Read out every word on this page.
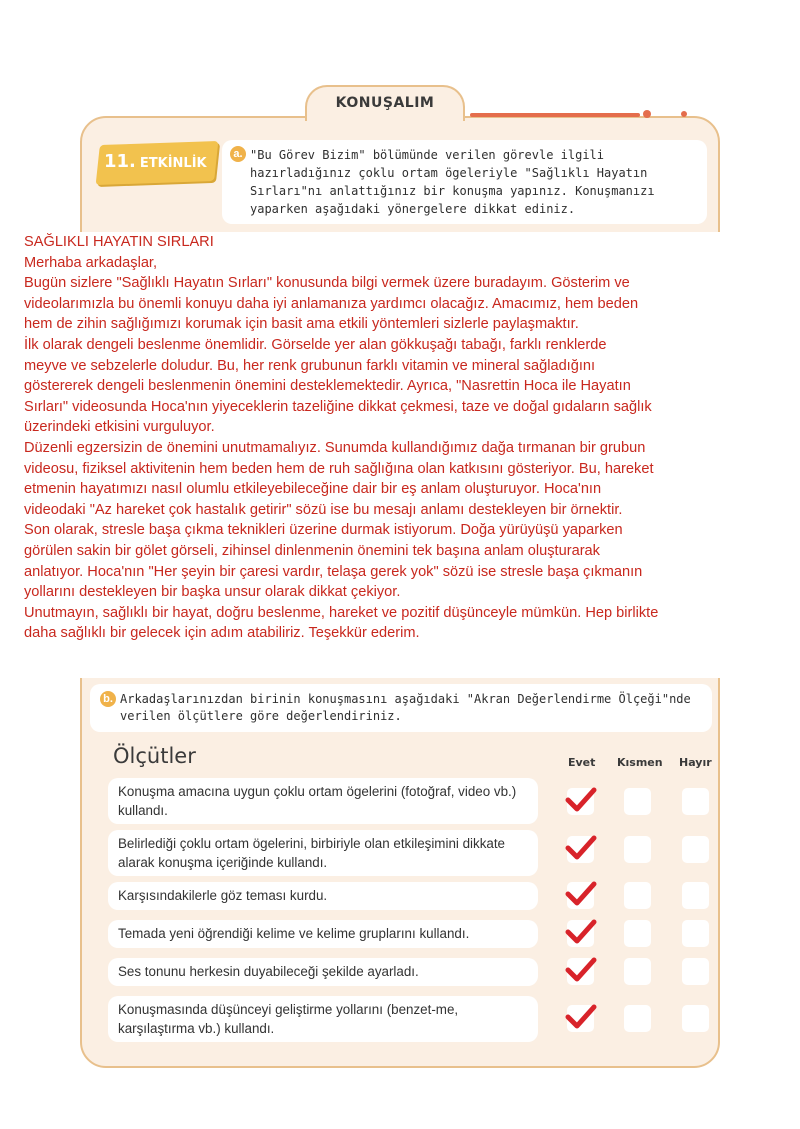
KONUŞALIM
11. ETKİNLİK
a. "Bu Görev Bizim" bölümünde verilen görevle ilgili hazırladığınız çoklu ortam ögeleriyle "Sağlıklı Hayatın Sırları"nı anlattığınız bir konuşma yapınız. Konuşmanızı yaparken aşağıdaki yönergelere dikkat ediniz.

SAĞLIKLI HAYATIN SIRLARI

Merhaba arkadaşlar,

Bugün sizlere "Sağlıklı Hayatın Sırları" konusunda bilgi vermek üzere buradayım. Gösterim ve

videolarımızla bu önemli konuyu daha iyi anlamanıza yardımcı olacağız. Amacımız, hem beden

hem de zihin sağlığımızı korumak için basit ama etkili yöntemleri sizlerle paylaşmaktır.

İlk olarak dengeli beslenme önemlidir. Görselde yer alan gökkuşağı tabağı, farklı renklerde

meyve ve sebzelerle doludur. Bu, her renk grubunun farklı vitamin ve mineral sağladığını

göstererek dengeli beslenmenin önemini desteklemektedir. Ayrıca, "Nasrettin Hoca ile Hayatın

Sırları" videosunda Hoca'nın yiyeceklerin tazeliğine dikkat çekmesi, taze ve doğal gıdaların sağlık

üzerindeki etkisini vurguluyor.

Düzenli egzersizin de önemini unutmamalıyız. Sunumda kullandığımız dağa tırmanan bir grubun

videosu, fiziksel aktivitenin hem beden hem de ruh sağlığına olan katkısını gösteriyor. Bu, hareket

etmenin hayatımızı nasıl olumlu etkileyebileceğine dair bir eş anlam oluşturuyor. Hoca'nın

videodaki "Az hareket çok hastalık getirir" sözü ise bu mesajı anlamı destekleyen bir örnektir.

Son olarak, stresle başa çıkma teknikleri üzerine durmak istiyorum. Doğa yürüyüşü yaparken

görülen sakin bir gölet görseli, zihinsel dinlenmenin önemini tek başına anlam oluşturarak

anlatıyor. Hoca'nın "Her şeyin bir çaresi vardır, telaşa gerek yok" sözü ise stresle başa çıkmanın

yollarını destekleyen bir başka unsur olarak dikkat çekiyor.

Unutmayın, sağlıklı bir hayat, doğru beslenme, hareket ve pozitif düşünceyle mümkün. Hep birlikte

daha sağlıklı bir gelecek için adım atabiliriz. Teşekkür ederim.

b. Arkadaşlarınızdan birinin konuşmasını aşağıdaki "Akran Değerlendirme Ölçeği"nde verilen ölçütlere göre değerlendiriniz.
Ölçütler	Evet Kısmen Hayır
Konuşma amacına uygun çoklu ortam ögelerini (fotoğraf, video vb.) kullandı.
Belirlediği çoklu ortam ögelerini, birbiriyle olan etkileşimini dikkate alarak konuşma içeriğinde kullandı.
Karşısındakilerle göz teması kurdu.
Temada yeni öğrendiği kelime ve kelime gruplarını kullandı.
Ses tonunu herkesin duyabileceği şekilde ayarladı.
Konuşmasında düşünceyi geliştirme yollarını (benzet-me, karşılaştırma vb.) kullandı.
